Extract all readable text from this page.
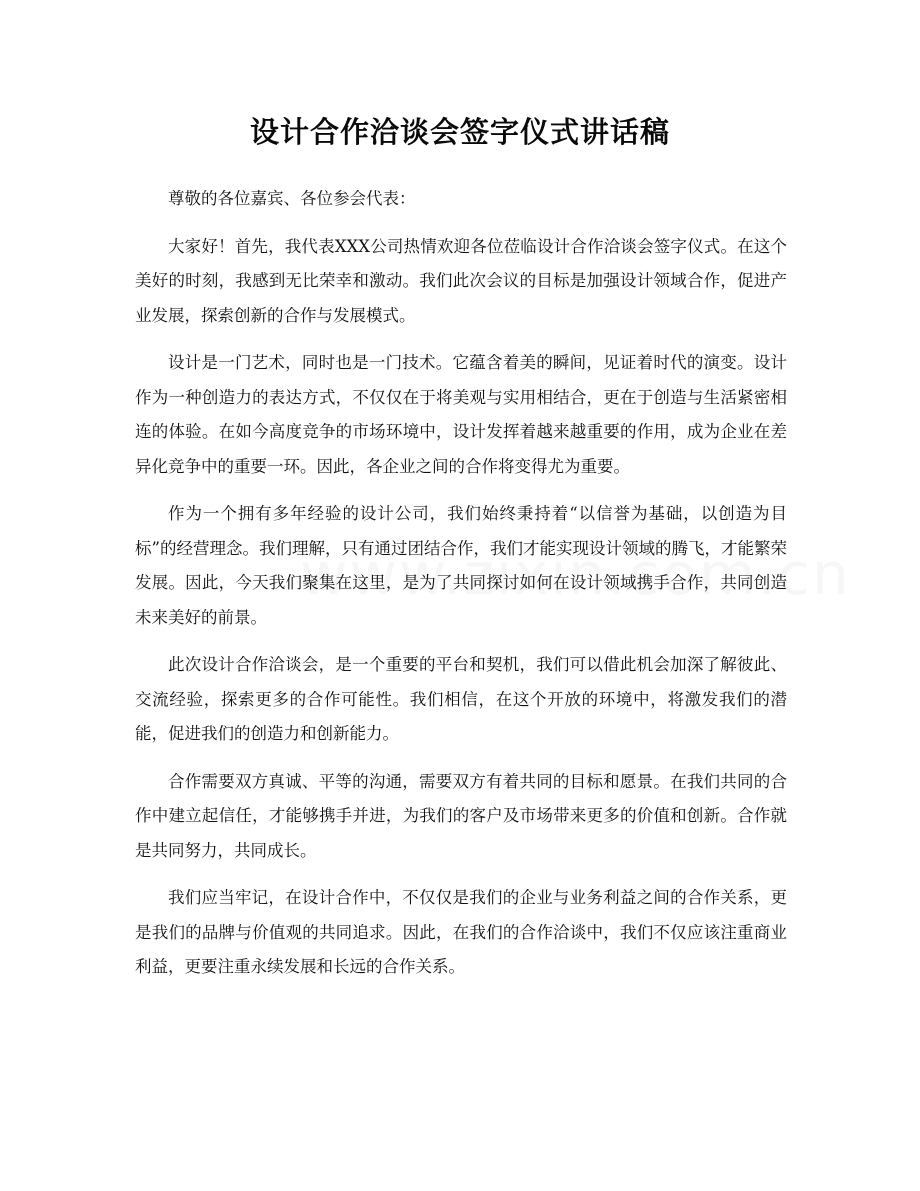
设计合作洽谈会签字仪式讲话稿

尊敬的各位嘉宾、各位参会代表：

大家好！首先，我代表XXX公司热情欢迎各位莅临设计合作洽谈会签字仪式。在这个美好的时刻，我感到无比荣幸和激动。我们此次会议的目标是加强设计领域合作，促进产业发展，探索创新的合作与发展模式。

设计是一门艺术，同时也是一门技术。它蕴含着美的瞬间，见证着时代的演变。设计作为一种创造力的表达方式，不仅仅在于将美观与实用相结合，更在于创造与生活紧密相连的体验。在如今高度竞争的市场环境中，设计发挥着越来越重要的作用，成为企业在差异化竞争中的重要一环。因此，各企业之间的合作将变得尤为重要。

作为一个拥有多年经验的设计公司，我们始终秉持着“以信誉为基础，以创造为目标”的经营理念。我们理解，只有通过团结合作，我们才能实现设计领域的腾飞，才能繁荣发展。因此，今天我们聚集在这里，是为了共同探讨如何在设计领域携手合作，共同创造未来美好的前景。

此次设计合作洽谈会，是一个重要的平台和契机，我们可以借此机会加深了解彼此、交流经验，探索更多的合作可能性。我们相信，在这个开放的环境中，将激发我们的潜能，促进我们的创造力和创新能力。

合作需要双方真诚、平等的沟通，需要双方有着共同的目标和愿景。在我们共同的合作中建立起信任，才能够携手并进，为我们的客户及市场带来更多的价值和创新。合作就是共同努力，共同成长。

我们应当牢记，在设计合作中，不仅仅是我们的企业与业务利益之间的合作关系，更是我们的品牌与价值观的共同追求。因此，在我们的合作洽谈中，我们不仅应该注重商业利益，更要注重永续发展和长远的合作关系。
